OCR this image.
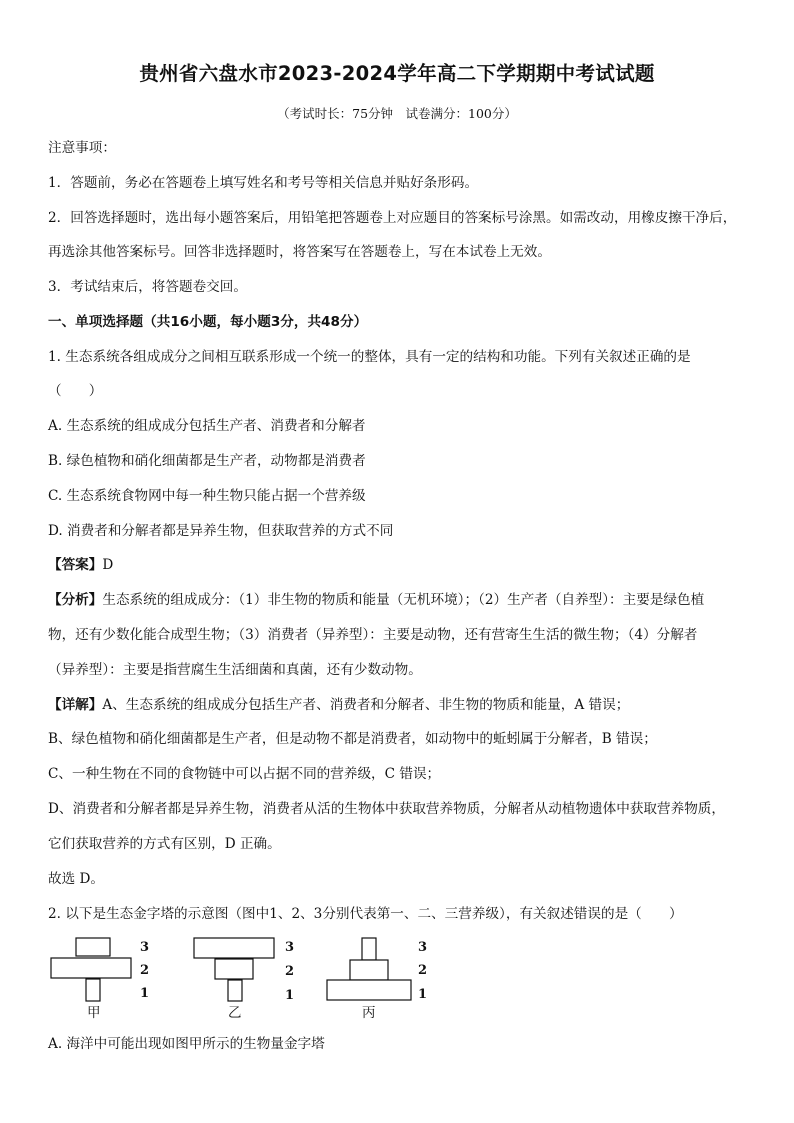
贵州省六盘水市2023-2024学年高二下学期期中考试试题
（考试时长：75分钟　试卷满分：100分）
注意事项：
1．答题前，务必在答题卷上填写姓名和考号等相关信息并贴好条形码。
2．回答选择题时，选出每小题答案后，用铅笔把答题卷上对应题目的答案标号涂黑。如需改动，用橡皮擦干净后，
再选涂其他答案标号。回答非选择题时，将答案写在答题卷上，写在本试卷上无效。
3．考试结束后，将答题卷交回。
一、单项选择题（共16小题，每小题3分，共48分）
1. 生态系统各组成成分之间相互联系形成一个统一的整体，具有一定的结构和功能。下列有关叙述正确的是
（　　）
A. 生态系统的组成成分包括生产者、消费者和分解者
B. 绿色植物和硝化细菌都是生产者，动物都是消费者
C. 生态系统食物网中每一种生物只能占据一个营养级
D. 消费者和分解者都是异养生物，但获取营养的方式不同
【答案】D
【分析】生态系统的组成成分：（1）非生物的物质和能量（无机环境）；（2）生产者（自养型）：主要是绿色植
物，还有少数化能合成型生物；（3）消费者（异养型）：主要是动物，还有营寄生生活的微生物；（4）分解者
（异养型）：主要是指营腐生生活细菌和真菌，还有少数动物。
【详解】A、生态系统的组成成分包括生产者、消费者和分解者、非生物的物质和能量，A 错误；
B、绿色植物和硝化细菌都是生产者，但是动物不都是消费者，如动物中的蚯蚓属于分解者，B 错误；
C、一种生物在不同的食物链中可以占据不同的营养级，C 错误；
D、消费者和分解者都是异养生物，消费者从活的生物体中获取营养物质，分解者从动植物遗体中获取营养物质，
它们获取营养的方式有区别，D 正确。
故选 D。
2. 以下是生态金字塔的示意图（图中1、2、3分别代表第一、二、三营养级），有关叙述错误的是（　　）
3
2
1
3
2
1
3
2
1
甲	乙	丙
A. 海洋中可能出现如图甲所示的生物量金字塔
